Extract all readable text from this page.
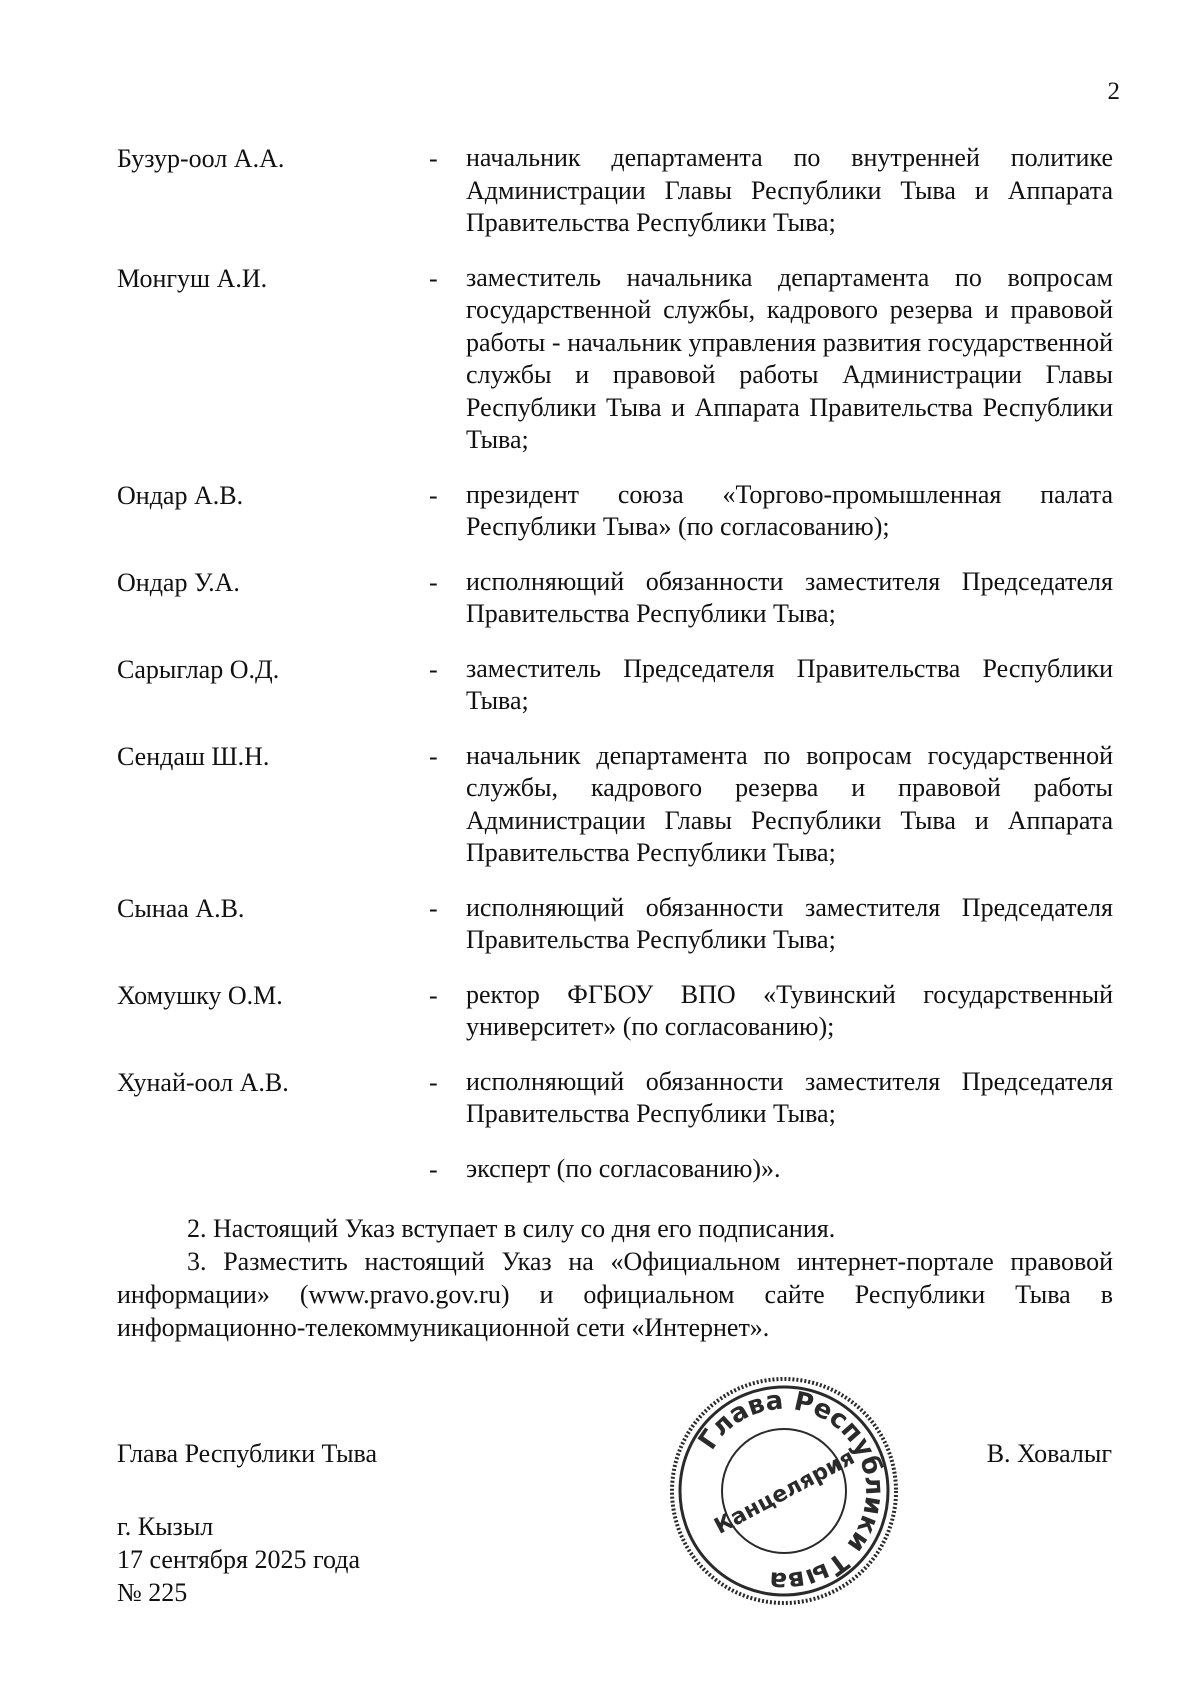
2
Бузур-оол А.А.	- начальник департамента по внутренней политике Администрации Главы Республики Тыва и Аппарата Правительства Республики Тыва;
Монгуш А.И.	- заместитель начальника департамента по вопросам государственной службы, кадрового резерва и правовой работы - начальник управления развития государственной службы и правовой работы Администрации Главы Республики Тыва и Аппарата Правительства Республики Тыва;
Ондар А.В.	- президент союза «Торгово-промышленная палата Республики Тыва» (по согласованию);
Ондар У.А.	- исполняющий обязанности заместителя Председателя Правительства Республики Тыва;
Сарыглар О.Д.	- заместитель Председателя Правительства Республики Тыва;
Сендаш Ш.Н.	- начальник департамента по вопросам государственной службы, кадрового резерва и правовой работы Администрации Главы Республики Тыва и Аппарата Правительства Республики Тыва;
Сынаа А.В.	- исполняющий обязанности заместителя Председателя Правительства Республики Тыва;
Хомушку О.М.	- ректор ФГБОУ ВПО «Тувинский государственный университет» (по согласованию);
Хунай-оол А.В.	- исполняющий обязанности заместителя Председателя Правительства Республики Тыва;
- эксперт (по согласованию)».

2. Настоящий Указ вступает в силу со дня его подписания.

3. Разместить настоящий Указ на «Официальном интернет-портале правовой информации» (www.pravo.gov.ru) и официальном сайте Республики Тыва в информационно-телекоммуникационной сети «Интернет».

Глава Республики Тыва	В. Ховалыг
г. Кызыл
17 сентября 2025 года
№ 225
Глава Республики Тыва
Канцелярия
